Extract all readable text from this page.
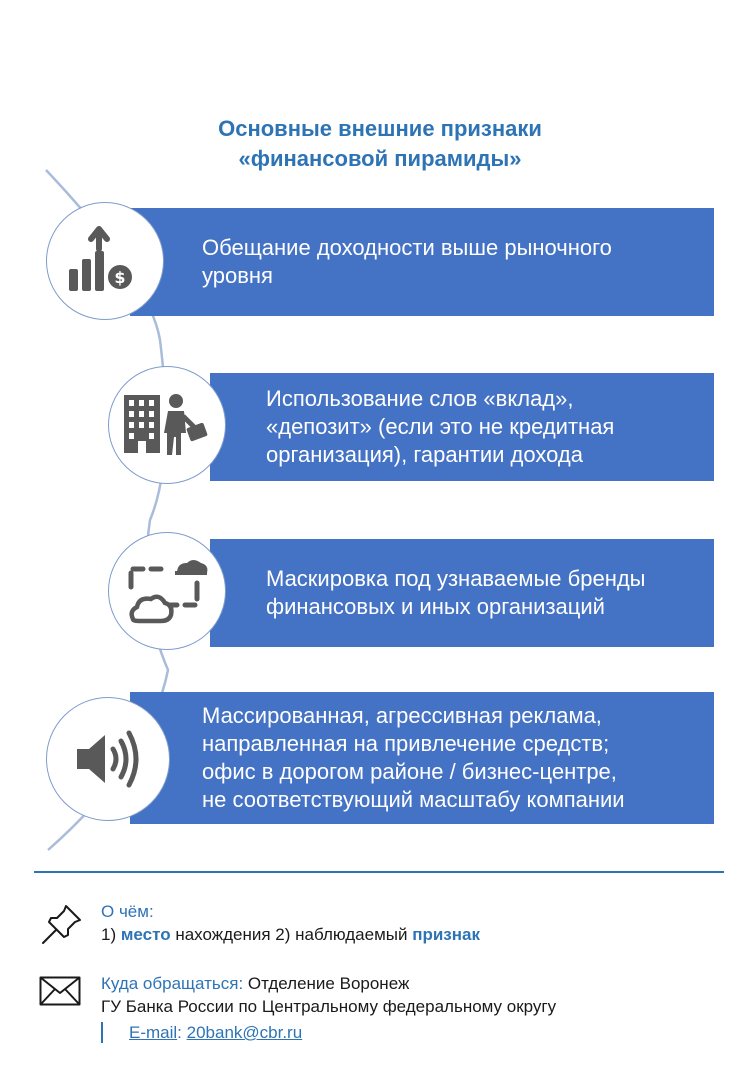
Основные внешние признаки
«финансовой пирамиды»
Обещание доходности выше рыночного
уровня
$
Использование слов «вклад»,
«депозит» (если это не кредитная
организация), гарантии дохода
Маскировка под узнаваемые бренды
финансовых и иных организаций
Массированная, агрессивная реклама,
направленная на привлечение средств;
офис в дорогом районе / бизнес-центре,
не соответствующий масштабу компании
О чём:
1) место нахождения 2) наблюдаемый признак
Куда обращаться: Отделение Воронеж
ГУ Банка России по Центральному федеральному округу
E-mail: 20bank@cbr.ru
